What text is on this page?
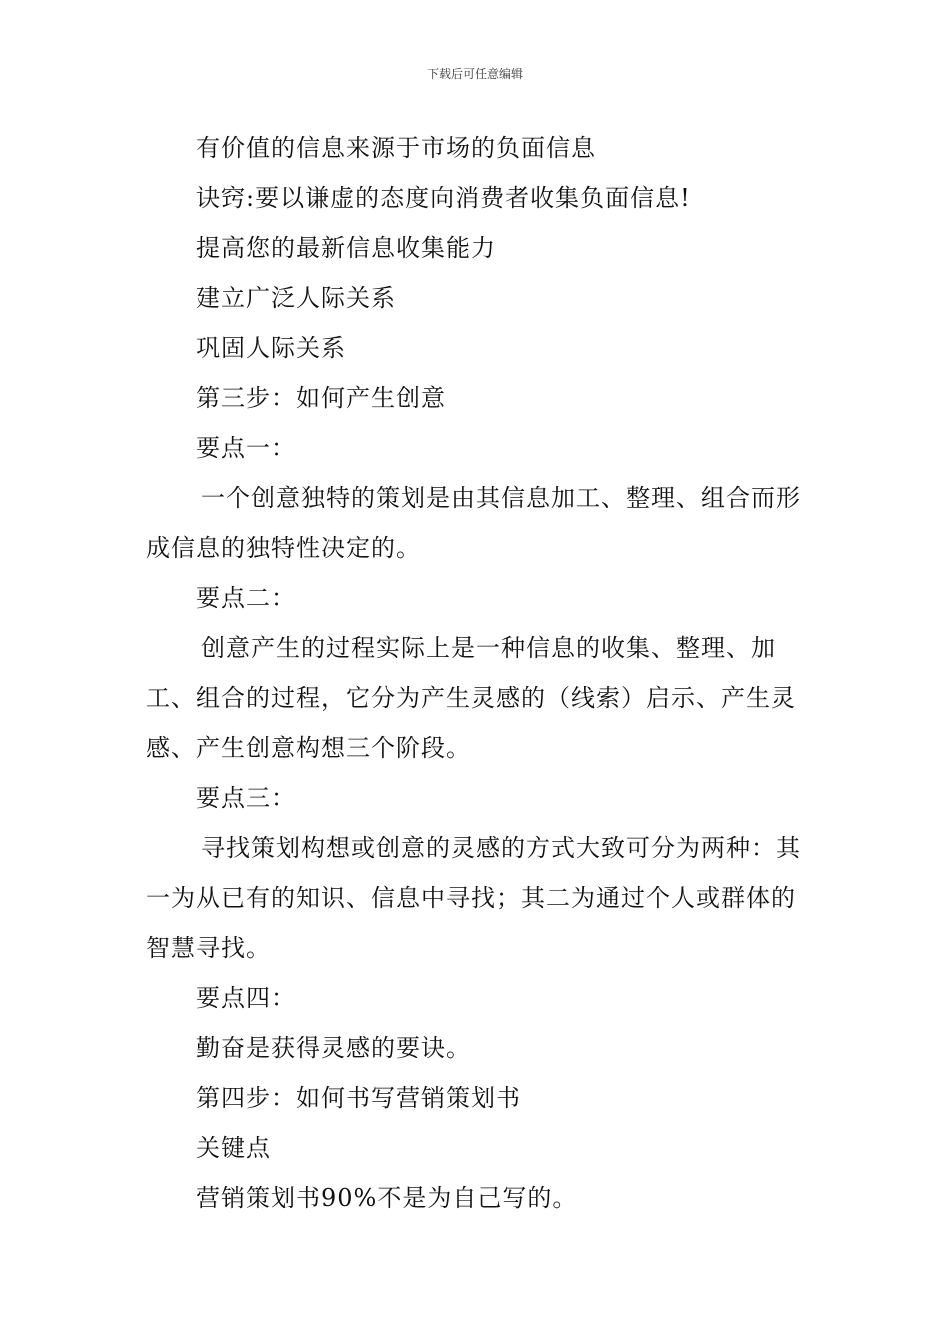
下载后可任意编辑

有价值的信息来源于市场的负面信息

诀窍:要以谦虚的态度向消费者收集负面信息!

提高您的最新信息收集能力

建立广泛人际关系

巩固人际关系

第三步：如何产生创意

要点一：

一个创意独特的策划是由其信息加工、整理、组合而形成信息的独特性决定的。

要点二：

创意产生的过程实际上是一种信息的收集、整理、加工、组合的过程，它分为产生灵感的（线索）启示、产生灵感、产生创意构想三个阶段。

要点三：

寻找策划构想或创意的灵感的方式大致可分为两种：其一为从已有的知识、信息中寻找；其二为通过个人或群体的智慧寻找。

要点四：

勤奋是获得灵感的要诀。

第四步：如何书写营销策划书

关键点

营销策划书90%不是为自己写的。
